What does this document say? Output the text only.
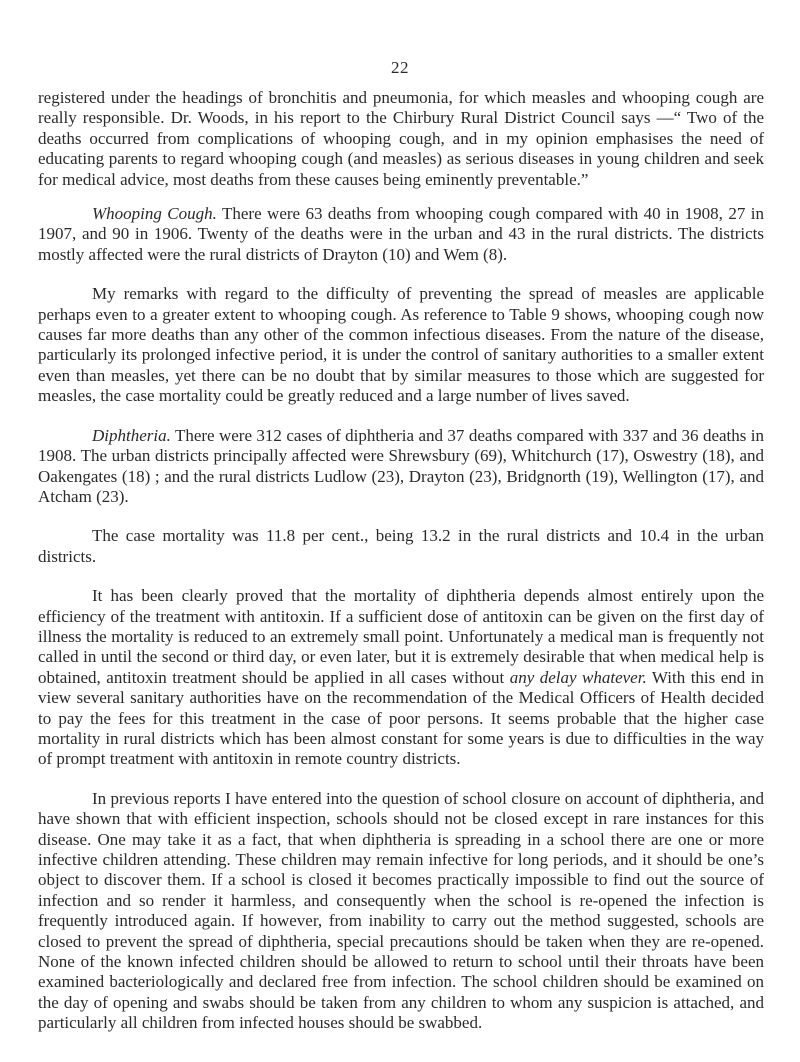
22

registered under the headings of bronchitis and pneumonia, for which measles and whooping cough are really responsible. Dr. Woods, in his report to the Chirbury Rural District Council says —“ Two of the deaths occurred from complications of whooping cough, and in my opinion emphasises the need of educating parents to regard whooping cough (and measles) as serious diseases in young children and seek for medical advice, most deaths from these causes being eminently preventable.”

Whooping Cough. There were 63 deaths from whooping cough compared with 40 in 1908, 27 in 1907, and 90 in 1906. Twenty of the deaths were in the urban and 43 in the rural districts. The districts mostly affected were the rural districts of Drayton (10) and Wem (8).

My remarks with regard to the difficulty of preventing the spread of measles are applicable perhaps even to a greater extent to whooping cough. As reference to Table 9 shows, whooping cough now causes far more deaths than any other of the common infectious diseases. From the nature of the disease, particularly its prolonged infective period, it is under the control of sanitary authorities to a smaller extent even than measles, yet there can be no doubt that by similar measures to those which are suggested for measles, the case mortality could be greatly reduced and a large number of lives saved.

Diphtheria. There were 312 cases of diphtheria and 37 deaths compared with 337 and 36 deaths in 1908. The urban districts principally affected were Shrewsbury (69), Whitchurch (17), Oswestry (18), and Oakengates (18) ; and the rural districts Ludlow (23), Drayton (23), Bridgnorth (19), Wellington (17), and Atcham (23).

The case mortality was 11.8 per cent., being 13.2 in the rural districts and 10.4 in the urban districts.

It has been clearly proved that the mortality of diphtheria depends almost entirely upon the efficiency of the treatment with antitoxin. If a sufficient dose of antitoxin can be given on the first day of illness the mortality is reduced to an extremely small point. Unfortunately a medical man is frequently not called in until the second or third day, or even later, but it is extremely desirable that when medical help is obtained, antitoxin treatment should be applied in all cases without any delay whatever. With this end in view several sanitary authorities have on the recommendation of the Medical Officers of Health decided to pay the fees for this treatment in the case of poor persons. It seems probable that the higher case mortality in rural districts which has been almost constant for some years is due to difficulties in the way of prompt treatment with antitoxin in remote country districts.

In previous reports I have entered into the question of school closure on account of diphtheria, and have shown that with efficient inspection, schools should not be closed except in rare instances for this disease. One may take it as a fact, that when diphtheria is spreading in a school there are one or more infective children attending. These children may remain infective for long periods, and it should be one’s object to discover them. If a school is closed it becomes practically impossible to find out the source of infection and so render it harmless, and consequently when the school is re-opened the infection is frequently introduced again. If however, from inability to carry out the method suggested, schools are closed to prevent the spread of diphtheria, special precautions should be taken when they are re-opened. None of the known infected children should be allowed to return to school until their throats have been examined bacteriologically and declared free from infection. The school children should be examined on the day of opening and swabs should be taken from any children to whom any suspicion is attached, and particularly all children from infected houses should be swabbed.
